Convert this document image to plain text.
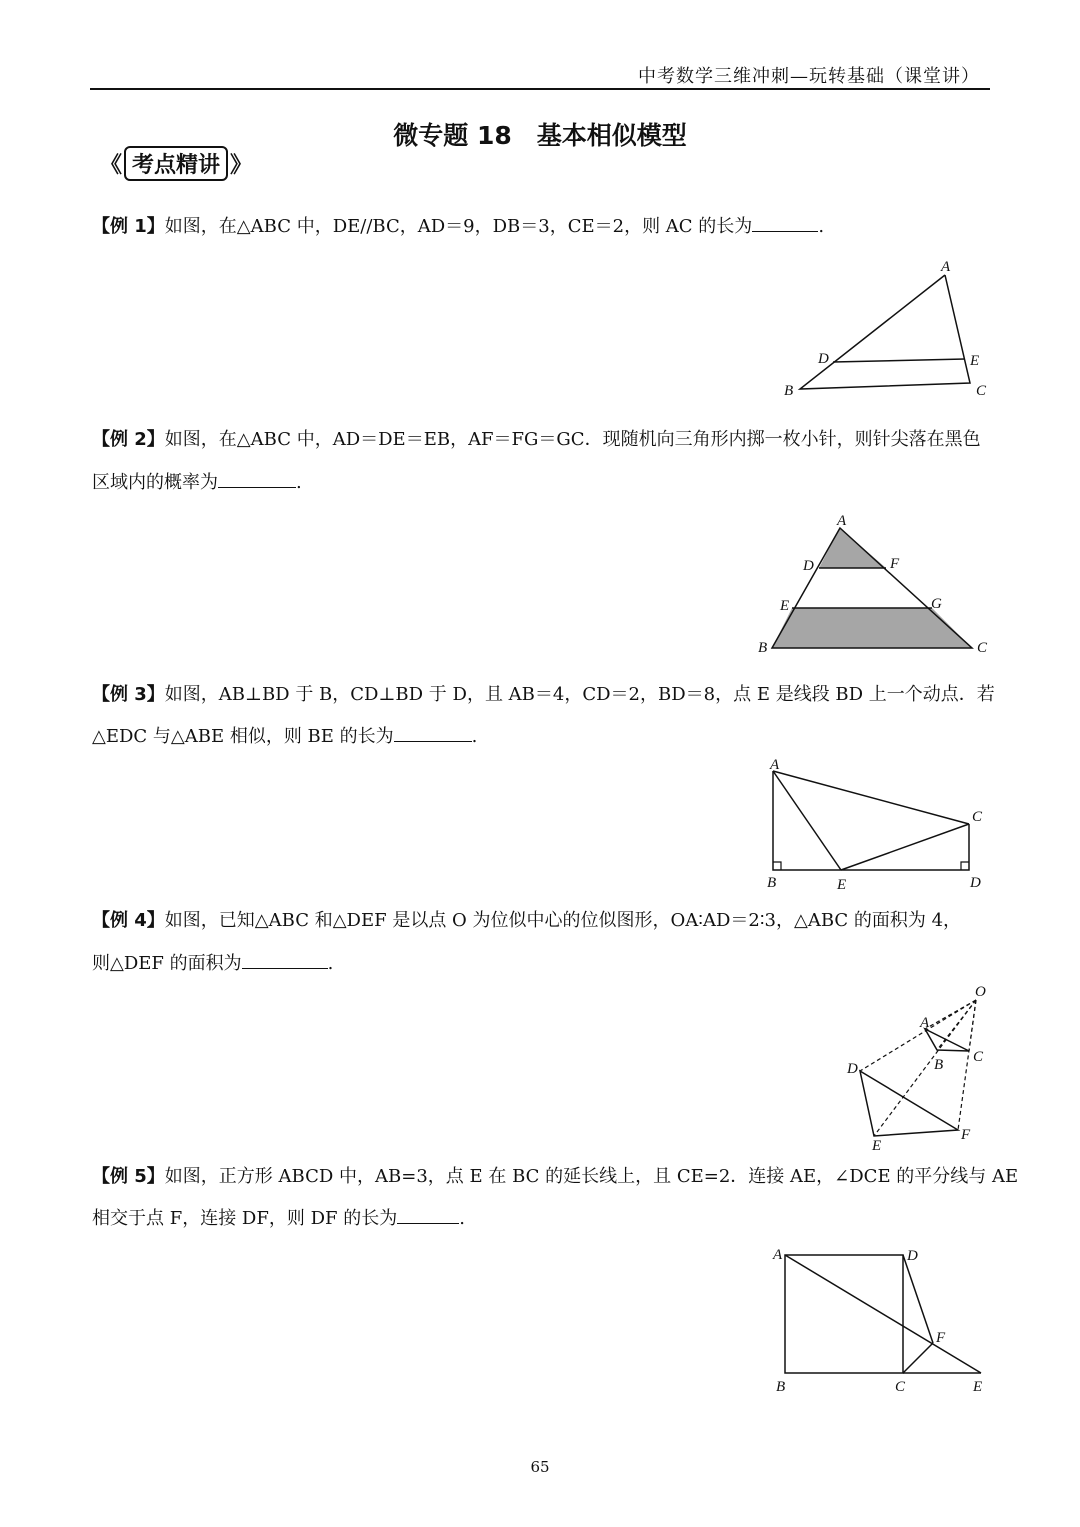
中考数学三维冲刺—玩转基础（课堂讲）
微专题 18　基本相似模型
《 考点精讲 》
【例 1】如图，在△ABC 中，DE//BC，AD＝9，DB＝3，CE＝2，则 AC 的长为	.
A
D	E
B	C
【例 2】如图，在△ABC 中，AD＝DE＝EB，AF＝FG＝GC．现随机向三角形内掷一枚小针，则针尖落在黑色
区域内的概率为	.
A
D	F
E	G
B	C
【例 3】如图，AB⊥BD 于 B，CD⊥BD 于 D，且 AB＝4，CD＝2，BD＝8，点 E 是线段 BD 上一个动点．若
△EDC 与△ABE 相似，则 BE 的长为	.
A
C
B	E	D
【例 4】如图，已知△ABC 和△DEF 是以点 O 为位似中心的位似图形，OA∶AD＝2∶3，△ABC 的面积为 4，
则△DEF 的面积为	.
O
A
B C
D
E
F
【例 5】如图，正方形 ABCD 中，AB=3，点 E 在 BC 的延长线上，且 CE=2．连接 AE，∠DCE 的平分线与 AE
相交于点 F，连接 DF，则 DF 的长为	.
A	D
F
B	C	E
65
